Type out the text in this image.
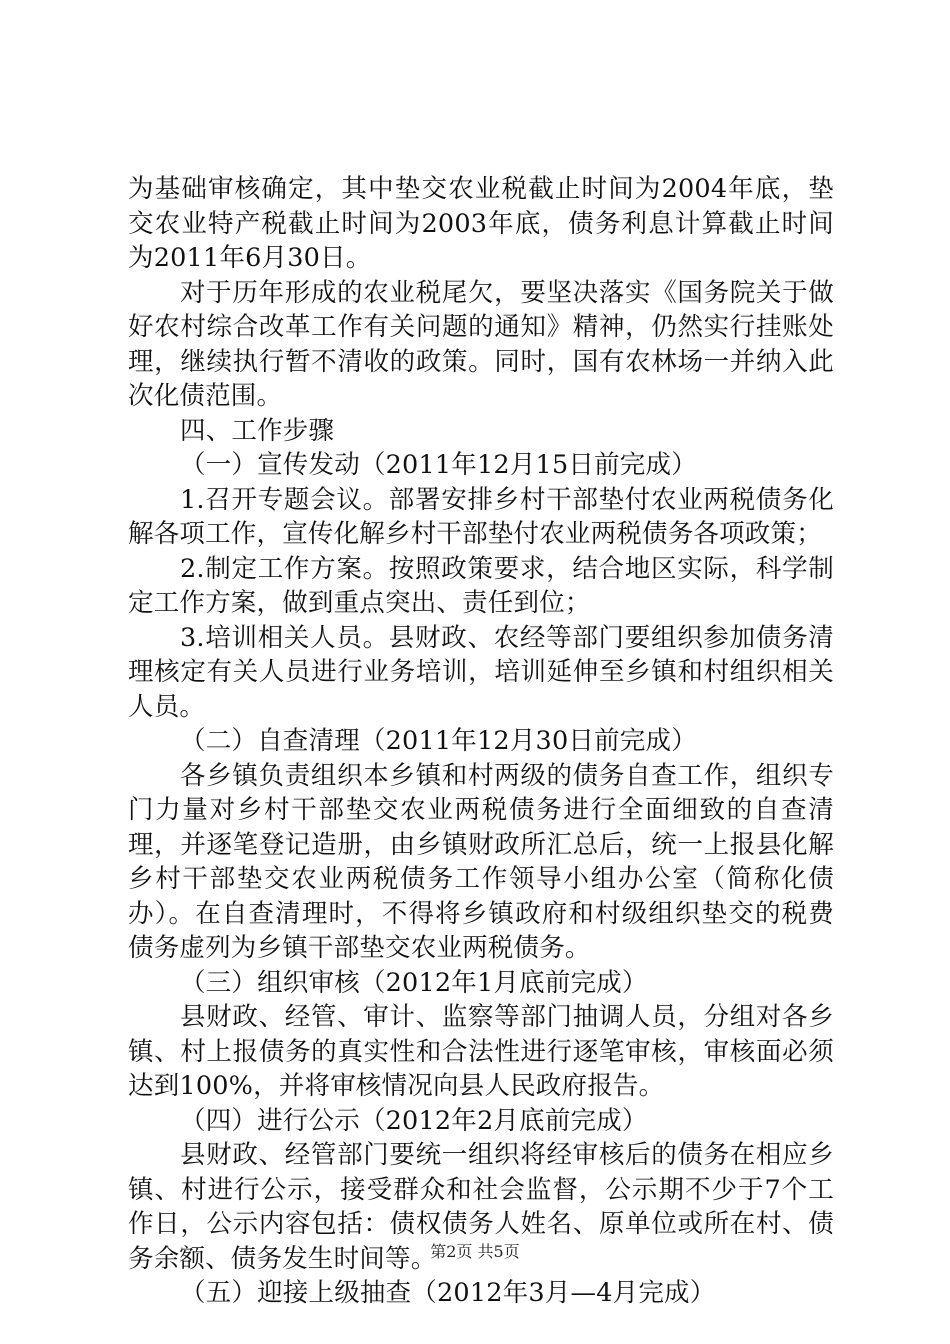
为基础审核确定，其中垫交农业税截止时间为2004年底，垫交农业特产税截止时间为2003年底，债务利息计算截止时间为2011年6月30日。

对于历年形成的农业税尾欠，要坚决落实《国务院关于做好农村综合改革工作有关问题的通知》精神，仍然实行挂账处理，继续执行暂不清收的政策。同时，国有农林场一并纳入此次化债范围。

四、工作步骤

（一）宣传发动（2011年12月15日前完成）

1.召开专题会议。部署安排乡村干部垫付农业两税债务化解各项工作，宣传化解乡村干部垫付农业两税债务各项政策；

2.制定工作方案。按照政策要求，结合地区实际，科学制定工作方案，做到重点突出、责任到位；

3.培训相关人员。县财政、农经等部门要组织参加债务清理核定有关人员进行业务培训，培训延伸至乡镇和村组织相关人员。

（二）自查清理（2011年12月30日前完成）

各乡镇负责组织本乡镇和村两级的债务自查工作，组织专门力量对乡村干部垫交农业两税债务进行全面细致的自查清理，并逐笔登记造册，由乡镇财政所汇总后，统一上报县化解乡村干部垫交农业两税债务工作领导小组办公室（简称化债办）。在自查清理时，不得将乡镇政府和村级组织垫交的税费债务虚列为乡镇干部垫交农业两税债务。

（三）组织审核（2012年1月底前完成）

县财政、经管、审计、监察等部门抽调人员，分组对各乡镇、村上报债务的真实性和合法性进行逐笔审核，审核面必须达到100%，并将审核情况向县人民政府报告。

（四）进行公示（2012年2月底前完成）

县财政、经管部门要统一组织将经审核后的债务在相应乡镇、村进行公示，接受群众和社会监督，公示期不少于7个工作日，公示内容包括：债权债务人姓名、原单位或所在村、债务余额、债务发生时间等。

（五）迎接上级抽查（2012年3月—4月完成）

第2页 共5页
